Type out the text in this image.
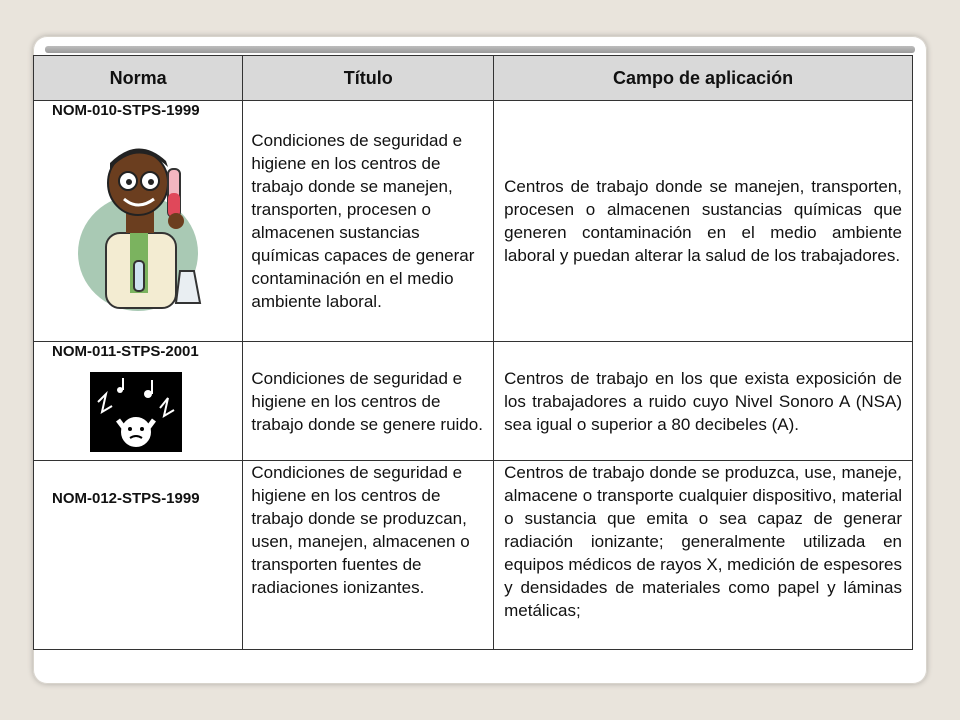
Norma	Título	Campo de aplicación

NOM-010-STPS-1999	Condiciones de seguridad e higiene en los centros de trabajo donde se manejen, transporten, procesen o almacenen sustancias químicas capaces de generar contaminación en el medio ambiente laboral.	Centros de trabajo donde se manejen, transporten, procesen o almacenen sustancias químicas que generen contaminación en el medio ambiente laboral y puedan alterar la salud de los trabajadores.

NOM-011-STPS-2001	Condiciones de seguridad e higiene en los centros de trabajo donde se genere ruido.	Centros de trabajo en los que exista exposición de los trabajadores a ruido cuyo Nivel Sonoro A (NSA) sea igual o superior a 80 decibeles (A).

NOM-012-STPS-1999	Condiciones de seguridad e higiene en los centros de trabajo donde se produzcan, usen, manejen, almacenen o transporten fuentes de radiaciones ionizantes.	Centros de trabajo donde se produzca, use, maneje, almacene o transporte cualquier dispositivo, material o sustancia que emita o sea capaz de generar radiación ionizante; generalmente utilizada en equipos médicos de rayos X, medición de espesores y densidades de materiales como papel y láminas metálicas;
